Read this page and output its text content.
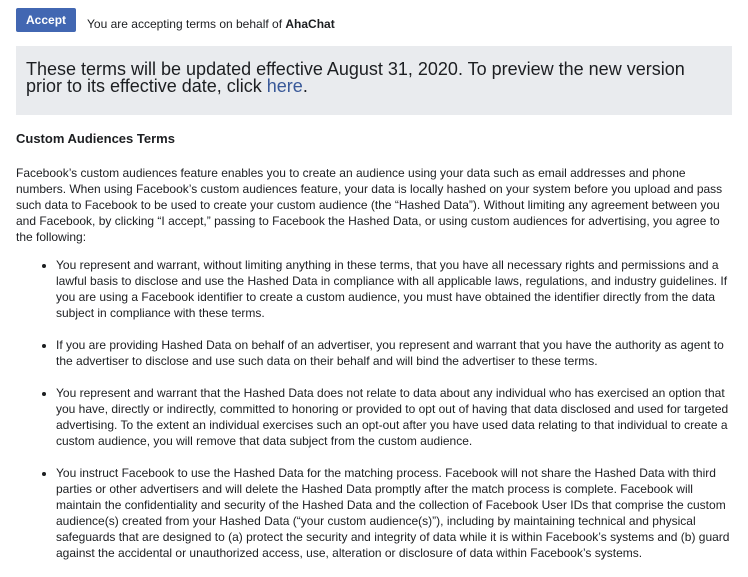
Accept	You are accepting terms on behalf of AhaChat
These terms will be updated effective August 31, 2020. To preview the new version prior to its effective date, click here.
Custom Audiences Terms

Facebook’s custom audiences feature enables you to create an audience using your data such as email addresses and phone numbers. When using Facebook’s custom audiences feature, your data is locally hashed on your system before you upload and pass such data to Facebook to be used to create your custom audience (the “Hashed Data”). Without limiting any agreement between you and Facebook, by clicking “I accept,” passing to Facebook the Hashed Data, or using custom audiences for advertising, you agree to the following:

• You represent and warrant, without limiting anything in these terms, that you have all necessary rights and permissions and a lawful basis to disclose and use the Hashed Data in compliance with all applicable laws, regulations, and industry guidelines. If you are using a Facebook identifier to create a custom audience, you must have obtained the identifier directly from the data subject in compliance with these terms.
• If you are providing Hashed Data on behalf of an advertiser, you represent and warrant that you have the authority as agent to the advertiser to disclose and use such data on their behalf and will bind the advertiser to these terms.
• You represent and warrant that the Hashed Data does not relate to data about any individual who has exercised an option that you have, directly or indirectly, committed to honoring or provided to opt out of having that data disclosed and used for targeted advertising. To the extent an individual exercises such an opt-out after you have used data relating to that individual to create a custom audience, you will remove that data subject from the custom audience.
• You instruct Facebook to use the Hashed Data for the matching process. Facebook will not share the Hashed Data with third parties or other advertisers and will delete the Hashed Data promptly after the match process is complete. Facebook will maintain the confidentiality and security of the Hashed Data and the collection of Facebook User IDs that comprise the custom audience(s) created from your Hashed Data (“your custom audience(s)”), including by maintaining technical and physical safeguards that are designed to (a) protect the security and integrity of data while it is within Facebook’s systems and (b) guard against the accidental or unauthorized access, use, alteration or disclosure of data within Facebook’s systems.
